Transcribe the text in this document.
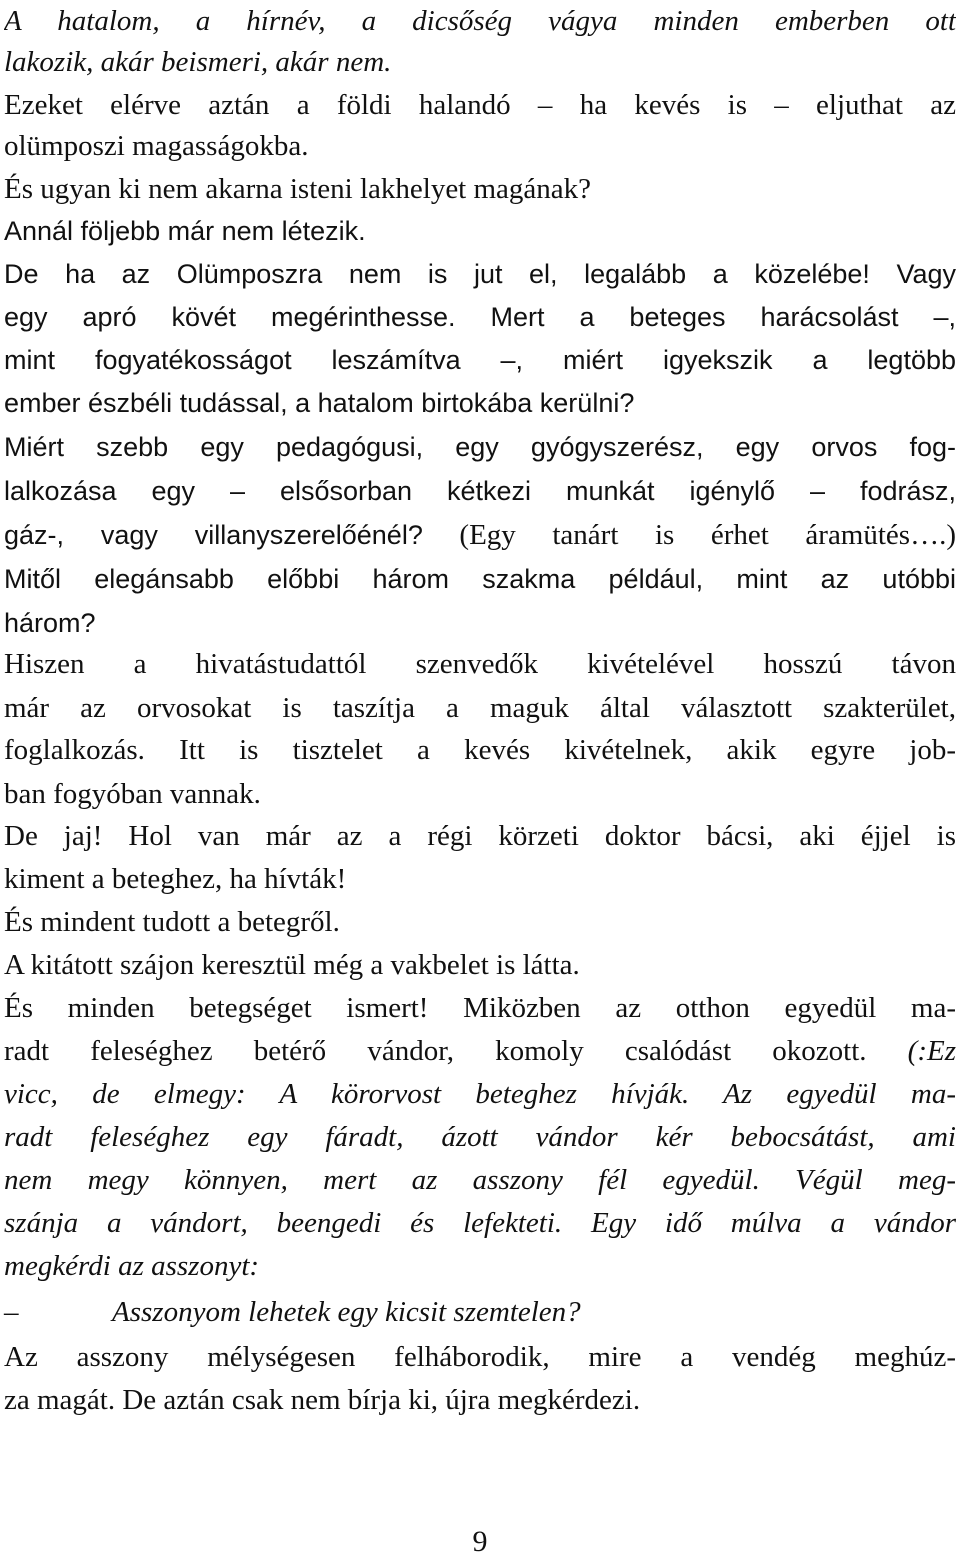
A hatalom, a hírnév, a dicsőség vágya minden emberben ott
lakozik, akár beismeri, akár nem.
Ezeket elérve aztán a földi halandó – ha kevés is – eljuthat az
olümposzi magasságokba.
És ugyan ki nem akarna isteni lakhelyet magának?
Annál följebb már nem létezik.
De ha az Olümposzra nem is jut el, legalább a közelébe! Vagy
egy apró kövét megérinthesse. Mert a beteges harácsolást –,
mint fogyatékosságot leszámítva –, miért igyekszik a legtöbb
ember észbéli tudással, a hatalom birtokába kerülni?
Miért szebb egy pedagógusi, egy gyógyszerész, egy orvos fog-
lalkozása egy – elsősorban kétkezi munkát igénylő – fodrász,
gáz-, vagy villanyszerelőénél? (Egy tanárt is érhet áramütés….)
Mitől elegánsabb előbbi három szakma például, mint az utóbbi
három?
Hiszen a hivatástudattól szenvedők kivételével hosszú távon
már az orvosokat is taszítja a maguk által választott szakterület,
foglalkozás. Itt is tisztelet a kevés kivételnek, akik egyre job-
ban fogyóban vannak.
De jaj! Hol van már az a régi körzeti doktor bácsi, aki éjjel is
kiment a beteghez, ha hívták!
És mindent tudott a betegről.
A kitátott szájon keresztül még a vakbelet is látta.
És minden betegséget ismert! Miközben az otthon egyedül ma-
radt feleséghez betérő vándor, komoly csalódást okozott. (:Ez
vicc, de elmegy: A körorvost beteghez hívják. Az egyedül ma-
radt feleséghez egy fáradt, ázott vándor kér bebocsátást, ami
nem megy könnyen, mert az asszony fél egyedül. Végül meg-
szánja a vándort, beengedi és lefekteti. Egy idő múlva a vándor
megkérdi az asszonyt:
–	Asszonyom lehetek egy kicsit szemtelen?
Az asszony mélységesen felháborodik, mire a vendég meghúz-
za magát. De aztán csak nem bírja ki, újra megkérdezi.
9
